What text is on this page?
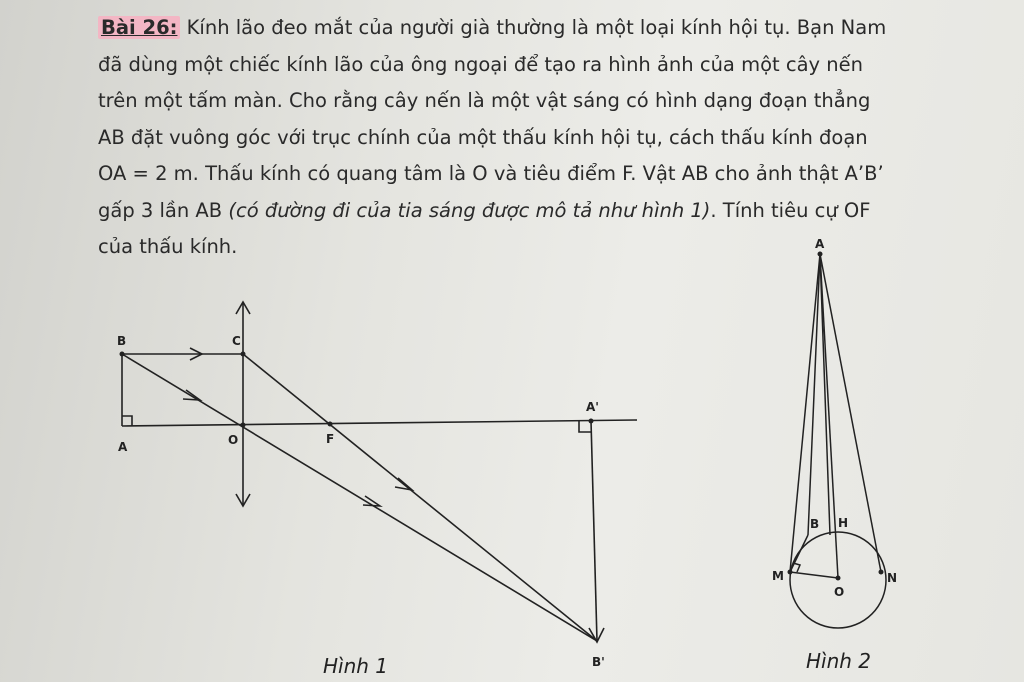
Bài 26: Kính lão đeo mắt của người già thường là một loại kính hội tụ. Bạn Nam
đã dùng một chiếc kính lão của ông ngoại để tạo ra hình ảnh của một cây nến
trên một tấm màn. Cho rằng cây nến là một vật sáng có hình dạng đoạn thẳng
AB đặt vuông góc với trục chính của một thấu kính hội tụ, cách thấu kính đoạn
OA = 2 m. Thấu kính có quang tâm là O và tiêu điểm F. Vật AB cho ảnh thật A’B’
gấp 3 lần AB (có đường đi của tia sáng được mô tả như hình 1). Tính tiêu cự OF
của thấu kính.
B	C
A	O	F
A'
B'
Hình 1
A
B H
M	N
O
Hình 2
